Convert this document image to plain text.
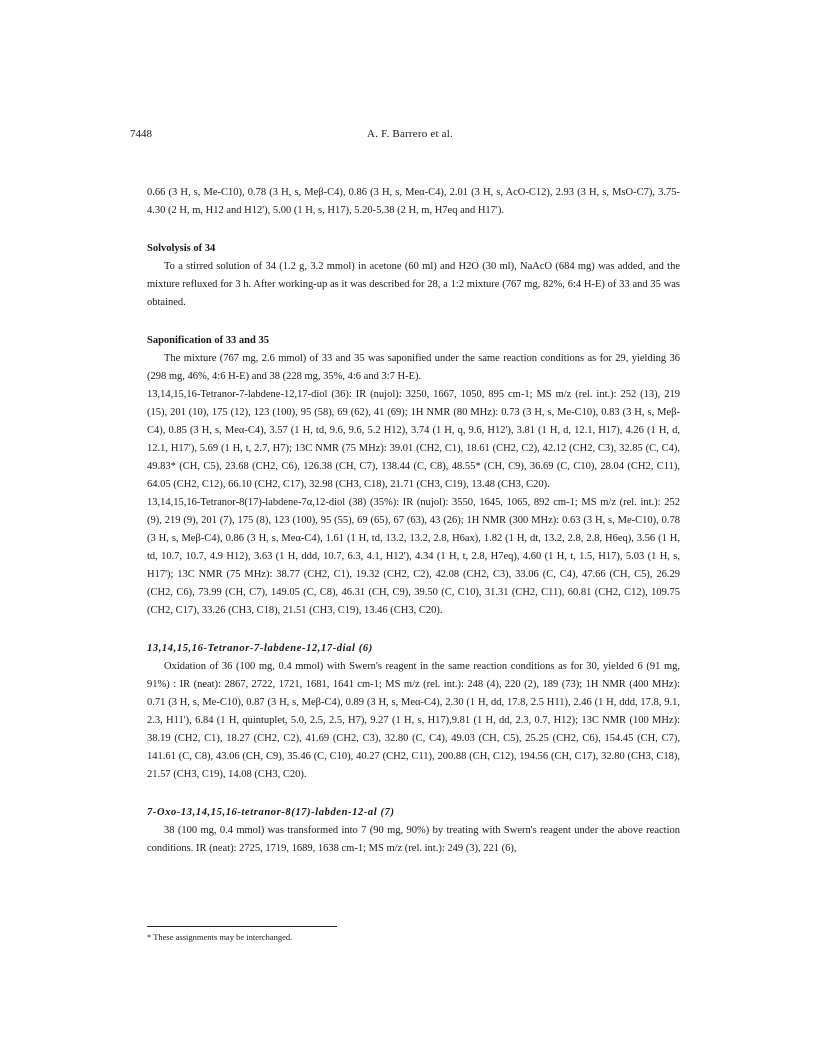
7448	A. F. Barrero et al.

0.66 (3 H, s, Me-C10), 0.78 (3 H, s, Meβ-C4), 0.86 (3 H, s, Meα-C4), 2.01 (3 H, s, AcO-C12), 2.93 (3 H, s, MsO-C7), 3.75-4.30 (2 H, m, H12 and H12'), 5.00 (1 H, s, H17), 5.20-5.38 (2 H, m, H7eq and H17').

Solvolysis of 34

To a stirred solution of 34 (1.2 g, 3.2 mmol) in acetone (60 ml) and H2O (30 ml), NaAcO (684 mg) was added, and the mixture refluxed for 3 h. After working-up as it was described for 28, a 1:2 mixture (767 mg, 82%, 6:4 H-E) of 33 and 35 was obtained.

Saponification of 33 and 35

The mixture (767 mg, 2.6 mmol) of 33 and 35 was saponified under the same reaction conditions as for 29, yielding 36 (298 mg, 46%, 4:6 H-E) and 38 (228 mg, 35%, 4:6 and 3:7 H-E).

13,14,15,16-Tetranor-7-labdene-12,17-diol (36): IR (nujol): 3250, 1667, 1050, 895 cm-1; MS m/z (rel. int.): 252 (13), 219 (15), 201 (10), 175 (12), 123 (100), 95 (58), 69 (62), 41 (69); 1H NMR (80 MHz): 0.73 (3 H, s, Me-C10), 0.83 (3 H, s, Meβ-C4), 0.85 (3 H, s, Meα-C4), 3.57 (1 H, td, 9.6, 9.6, 5.2 H12), 3.74 (1 H, q, 9.6, H12'), 3.81 (1 H, d, 12.1, H17), 4.26 (1 H, d, 12.1, H17'), 5.69 (1 H, t, 2.7, H7); 13C NMR (75 MHz): 39.01 (CH2, C1), 18.61 (CH2, C2), 42.12 (CH2, C3), 32.85 (C, C4), 49.83* (CH, C5), 23.68 (CH2, C6), 126.38 (CH, C7), 138.44 (C, C8), 48.55* (CH, C9), 36.69 (C, C10), 28.04 (CH2, C11), 64.05 (CH2, C12), 66.10 (CH2, C17), 32.98 (CH3, C18), 21.71 (CH3, C19), 13.48 (CH3, C20).

13,14,15,16-Tetranor-8(17)-labdene-7α,12-diol (38) (35%): IR (nujol): 3550, 1645, 1065, 892 cm-1; MS m/z (rel. int.): 252 (9), 219 (9), 201 (7), 175 (8), 123 (100), 95 (55), 69 (65), 67 (63), 43 (26); 1H NMR (300 MHz): 0.63 (3 H, s, Me-C10), 0.78 (3 H, s, Meβ-C4), 0.86 (3 H, s, Meα-C4), 1.61 (1 H, td, 13.2, 13.2, 2.8, H6ax), 1.82 (1 H, dt, 13.2, 2.8, 2.8, H6eq), 3.56 (1 H, td, 10.7, 10.7, 4.9 H12), 3.63 (1 H, ddd, 10.7, 6.3, 4.1, H12'), 4.34 (1 H, t, 2.8, H7eq), 4.60 (1 H, t, 1.5, H17), 5.03 (1 H, s, H17'); 13C NMR (75 MHz): 38.77 (CH2, C1), 19.32 (CH2, C2), 42.08 (CH2, C3), 33.06 (C, C4), 47.66 (CH, C5), 26.29 (CH2, C6), 73.99 (CH, C7), 149.05 (C, C8), 46.31 (CH, C9), 39.50 (C, C10), 31.31 (CH2, C11), 60.81 (CH2, C12), 109.75 (CH2, C17), 33.26 (CH3, C18), 21.51 (CH3, C19), 13.46 (CH3, C20).

13,14,15,16-Tetranor-7-labdene-12,17-dial (6)

Oxidation of 36 (100 mg, 0.4 mmol) with Swern's reagent in the same reaction conditions as for 30, yielded 6 (91 mg, 91%) : IR (neat): 2867, 2722, 1721, 1681, 1641 cm-1; MS m/z (rel. int.): 248 (4), 220 (2), 189 (73); 1H NMR (400 MHz): 0.71 (3 H, s, Me-C10), 0.87 (3 H, s, Meβ-C4), 0.89 (3 H, s, Meα-C4), 2.30 (1 H, dd, 17.8, 2.5 H11), 2.46 (1 H, ddd, 17.8, 9.1, 2.3, H11'), 6.84 (1 H, quintuplet, 5.0, 2.5, 2.5, H7), 9.27 (1 H, s, H17),9.81 (1 H, dd, 2.3, 0.7, H12); 13C NMR (100 MHz): 38.19 (CH2, C1), 18.27 (CH2, C2), 41.69 (CH2, C3), 32.80 (C, C4), 49.03 (CH, C5), 25.25 (CH2, C6), 154.45 (CH, C7), 141.61 (C, C8), 43.06 (CH, C9), 35.46 (C, C10), 40.27 (CH2, C11), 200.88 (CH, C12), 194.56 (CH, C17), 32.80 (CH3, C18), 21.57 (CH3, C19), 14.08 (CH3, C20).

7-Oxo-13,14,15,16-tetranor-8(17)-labden-12-al (7)

38 (100 mg, 0.4 mmol) was transformed into 7 (90 mg, 90%) by treating with Swern's reagent under the above reaction conditions. IR (neat): 2725, 1719, 1689, 1638 cm-1; MS m/z (rel. int.): 249 (3), 221 (6),

* These assignments may be interchanged.
